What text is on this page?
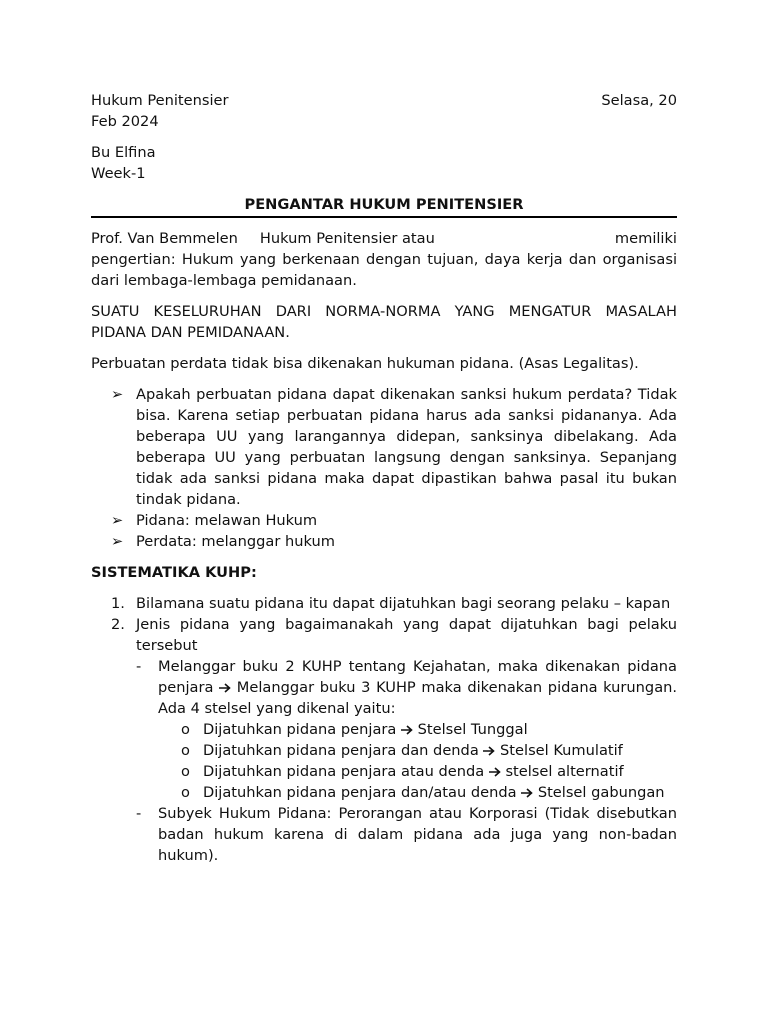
Hukum Penitensier	Selasa, 20

Feb 2024

Bu Elfina

Week-1

PENGANTAR HUKUM PENITENSIER

Prof. Van Bemmelen Hukum Penitensier atau	memiliki

pengertian: Hukum yang berkenaan dengan tujuan, daya kerja dan organisasi dari lembaga-lembaga pemidanaan.

SUATU KESELURUHAN DARI NORMA-NORMA YANG MENGATUR MASALAH PIDANA DAN PEMIDANAAN.

Perbuatan perdata tidak bisa dikenakan hukuman pidana. (Asas Legalitas).

➢ Apakah perbuatan pidana dapat dikenakan sanksi hukum perdata? Tidak bisa. Karena setiap perbuatan pidana harus ada sanksi pidananya. Ada beberapa UU yang larangannya didepan, sanksinya dibelakang. Ada beberapa UU yang perbuatan langsung dengan sanksinya. Sepanjang tidak ada sanksi pidana maka dapat dipastikan bahwa pasal itu bukan tindak pidana.
➢ Pidana: melawan Hukum
➢ Perdata: melanggar hukum

SISTEMATIKA KUHP:

1. Bilamana suatu pidana itu dapat dijatuhkan bagi seorang pelaku – kapan
2. Jenis pidana yang bagaimanakah yang dapat dijatuhkan bagi pelaku tersebut
- Melanggar buku 2 KUHP tentang Kejahatan, maka dikenakan pidana penjara Melanggar buku 3 KUHP maka dikenakan pidana kurungan. Ada 4 stelsel yang dikenal yaitu:
o Dijatuhkan pidana penjara Stelsel Tunggal
o Dijatuhkan pidana penjara dan denda Stelsel Kumulatif
o Dijatuhkan pidana penjara atau denda stelsel alternatif
o Dijatuhkan pidana penjara dan/atau denda Stelsel gabungan
- Subyek Hukum Pidana: Perorangan atau Korporasi (Tidak disebutkan badan hukum karena di dalam pidana ada juga yang non-badan hukum).
